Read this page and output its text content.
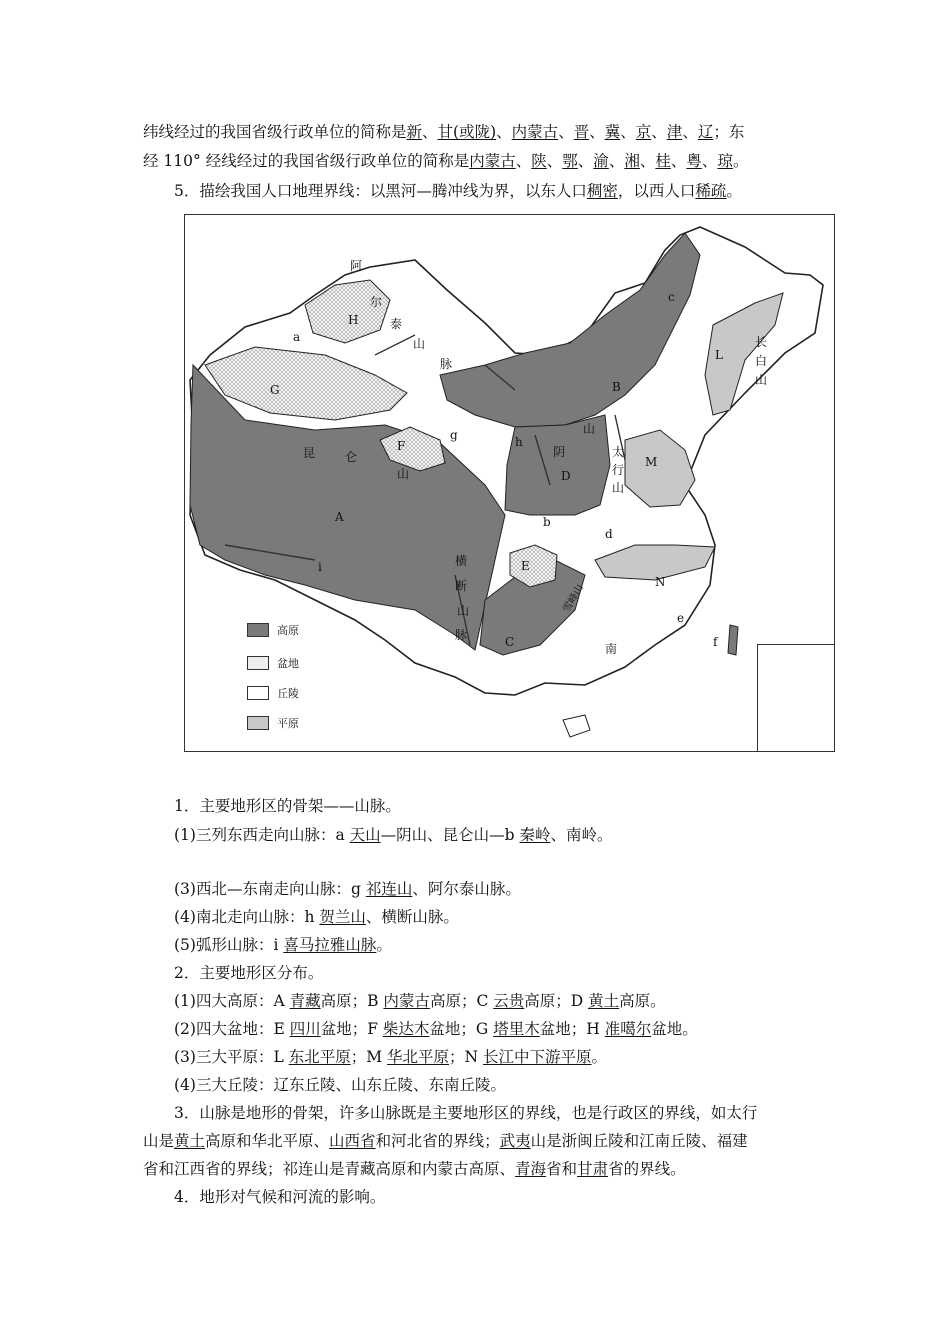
纬线经过的我国省级行政单位的简称是新、甘(或陇)、内蒙古、晋、冀、京、津、辽；东
经 110° 经线经过的我国省级行政单位的简称是内蒙古、陕、鄂、渝、湘、桂、粤、琼。
5．描绘我国人口地理界线：以黑河—腾冲线为界，以东人口稠密，以西人口稀疏。
A
B
C
D
E
F
G
H
L
M
N
a
b
c
d
e
f
g	h
i
阿
尔
泰
山
脉
昆 仑
山
阴
山
太
行
山
长
白
山
横
断
山
脉
南
雪峰山
高原
盆地
丘陵
平原
1．主要地形区的骨架——山脉。
(1)三列东西走向山脉：a 天山—阴山、昆仑山—b 秦岭、南岭。
(3)西北—东南走向山脉：g 祁连山、阿尔泰山脉。
(4)南北走向山脉：h 贺兰山、横断山脉。
(5)弧形山脉：i 喜马拉雅山脉。
2．主要地形区分布。
(1)四大高原：A 青藏高原；B 内蒙古高原；C 云贵高原；D 黄土高原。
(2)四大盆地：E 四川盆地；F 柴达木盆地；G 塔里木盆地；H 准噶尔盆地。
(3)三大平原：L 东北平原；M 华北平原；N 长江中下游平原。
(4)三大丘陵：辽东丘陵、山东丘陵、东南丘陵。
3．山脉是地形的骨架，许多山脉既是主要地形区的界线，也是行政区的界线，如太行
山是黄土高原和华北平原、山西省和河北省的界线；武夷山是浙闽丘陵和江南丘陵、福建
省和江西省的界线；祁连山是青藏高原和内蒙古高原、青海省和甘肃省的界线。
4．地形对气候和河流的影响。
